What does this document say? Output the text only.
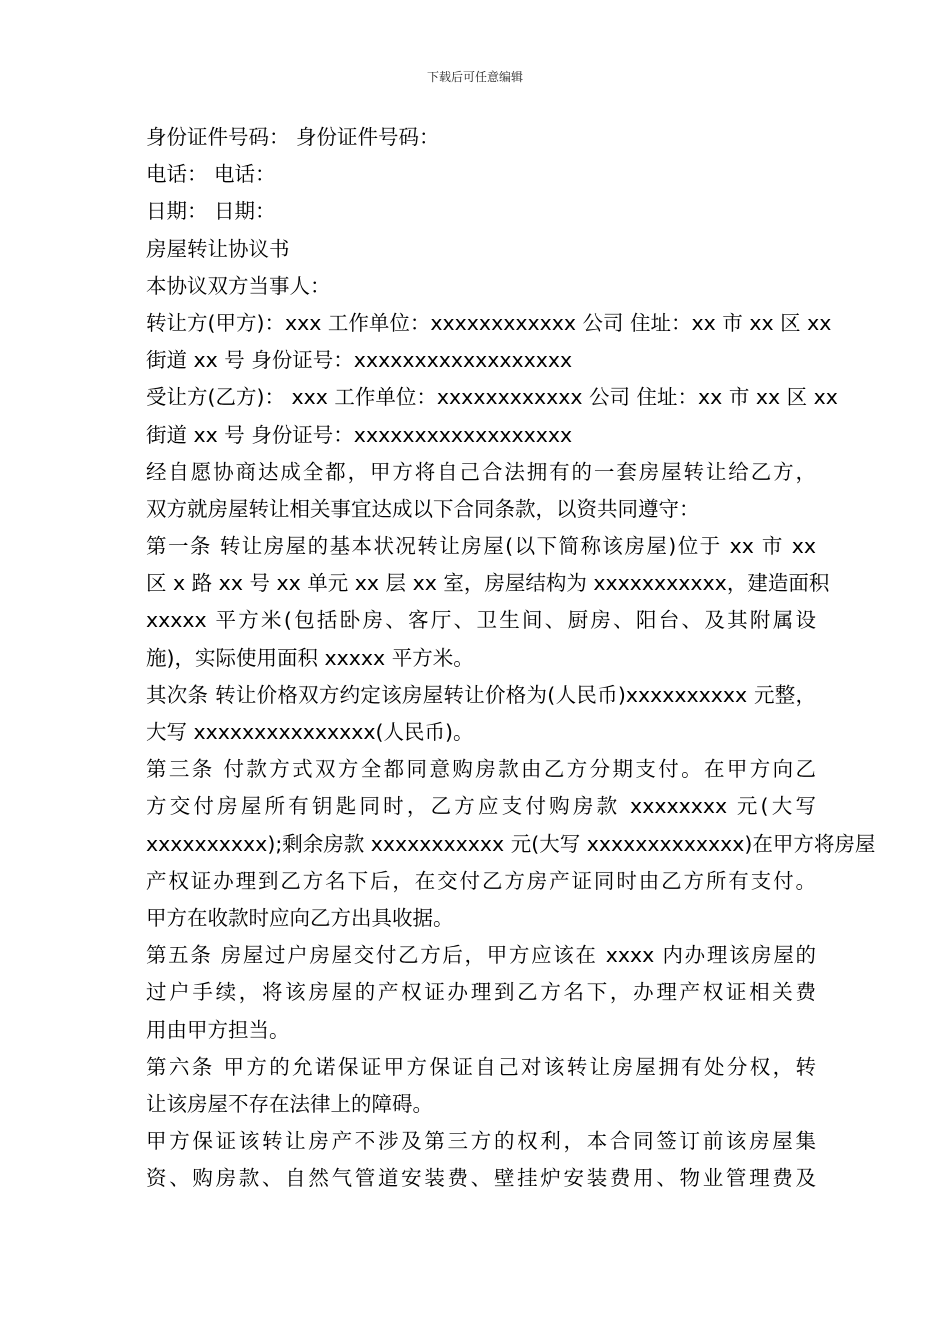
下载后可任意编辑
身份证件号码： 身份证件号码：
电话： 电话：
日期： 日期：
房屋转让协议书
本协议双方当事人：
转让方(甲方)：xxx 工作单位：xxxxxxxxxxxx 公司 住址：xx 市 xx 区 xx
街道 xx 号 身份证号：xxxxxxxxxxxxxxxxxx
受让方(乙方)： xxx 工作单位：xxxxxxxxxxxx 公司 住址：xx 市 xx 区 xx
街道 xx 号 身份证号：xxxxxxxxxxxxxxxxxx
经自愿协商达成全都，甲方将自己合法拥有的一套房屋转让给乙方，
双方就房屋转让相关事宜达成以下合同条款，以资共同遵守：
第一条 转让房屋的基本状况转让房屋(以下简称该房屋)位于 xx 市 xx
区 x 路 xx 号 xx 单元 xx 层 xx 室，房屋结构为 xxxxxxxxxxx，建造面积
xxxxx 平方米(包括卧房、客厅、卫生间、厨房、阳台、及其附属设
施)，实际使用面积 xxxxx 平方米。
其次条 转让价格双方约定该房屋转让价格为(人民币)xxxxxxxxxx 元整，
大写 xxxxxxxxxxxxxxx(人民币)。
第三条 付款方式双方全都同意购房款由乙方分期支付。在甲方向乙
方交付房屋所有钥匙同时，乙方应支付购房款 xxxxxxxx 元(大写
xxxxxxxxxx);剩余房款 xxxxxxxxxxx 元(大写 xxxxxxxxxxxxx)在甲方将房屋
产权证办理到乙方名下后，在交付乙方房产证同时由乙方所有支付。
甲方在收款时应向乙方出具收据。
第五条 房屋过户房屋交付乙方后，甲方应该在 xxxx 内办理该房屋的
过户手续，将该房屋的产权证办理到乙方名下，办理产权证相关费
用由甲方担当。
第六条 甲方的允诺保证甲方保证自己对该转让房屋拥有处分权，转
让该房屋不存在法律上的障碍。
甲方保证该转让房产不涉及第三方的权利，本合同签订前该房屋集
资、购房款、自然气管道安装费、壁挂炉安装费用、物业管理费及
